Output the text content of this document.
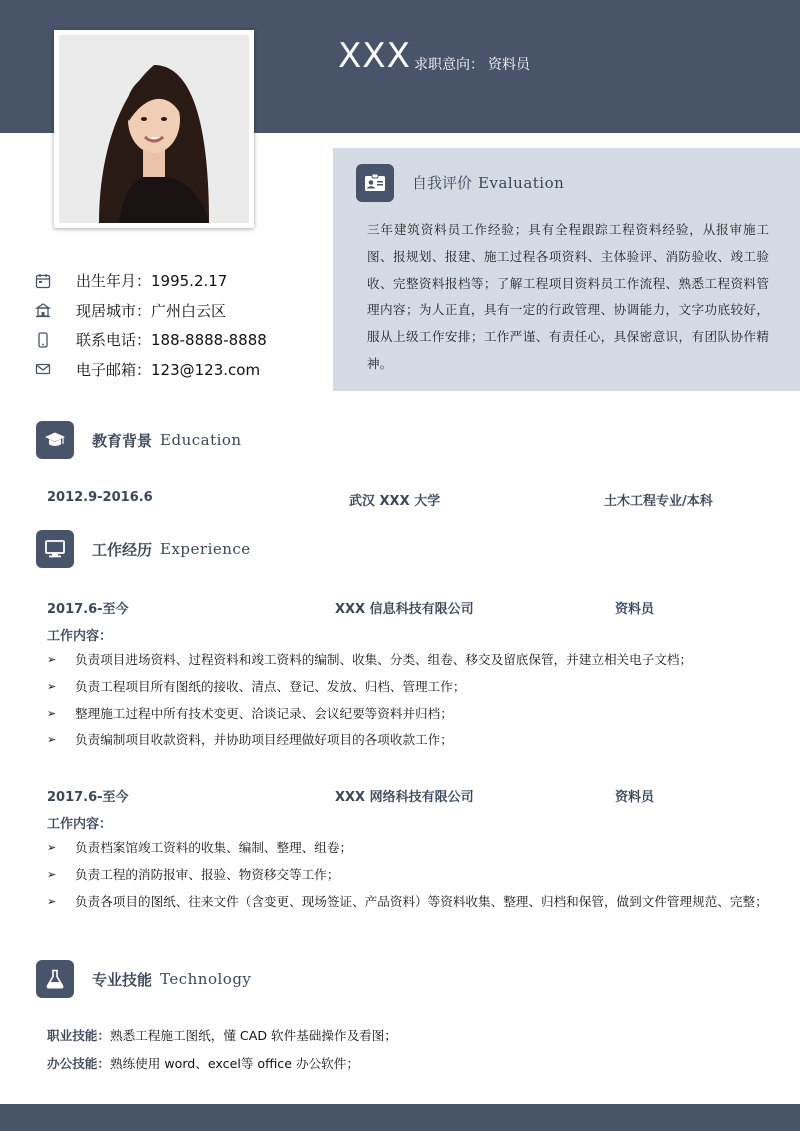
XXX 求职意向： 资料员
出生年月：1995.2.17
现居城市：广州白云区
联系电话：188-8888-8888
电子邮箱：123@123.com
自我评价 Evaluation
三年建筑资料员工作经验；具有全程跟踪工程资料经验，从报审施工图、报规划、报建、施工过程各项资料、主体验评、消防验收、竣工验收、完整资料报档等；了解工程项目资料员工作流程、熟悉工程资料管理内容；为人正直，具有一定的行政管理、协调能力，文字功底较好，服从上级工作安排；工作严谨、有责任心，具保密意识，有团队协作精神。
教育背景 Education
2012.9-2016.6	武汉 XXX 大学	土木工程专业/本科
工作经历 Experience
2017.6-至今	XXX 信息科技有限公司	资料员
工作内容：
➢ 负责项目进场资料、过程资料和竣工资料的编制、收集、分类、组卷、移交及留底保管，并建立相关电子文档；
➢ 负责工程项目所有图纸的接收、清点、登记、发放、归档、管理工作；
➢ 整理施工过程中所有技术变更、洽谈记录、会议纪要等资料并归档；
➢ 负责编制项目收款资料，并协助项目经理做好项目的各项收款工作；
2017.6-至今	XXX 网络科技有限公司	资料员
工作内容：
➢ 负责档案馆竣工资料的收集、编制、整理、组卷；
➢ 负责工程的消防报审、报验、物资移交等工作；
➢ 负责各项目的图纸、往来文件（含变更、现场签证、产品资料）等资料收集、整理、归档和保管，做到文件管理规范、完整；
专业技能 Technology
职业技能：熟悉工程施工图纸，懂 CAD 软件基础操作及看图；
办公技能：熟练使用 word、excel等 office 办公软件；
